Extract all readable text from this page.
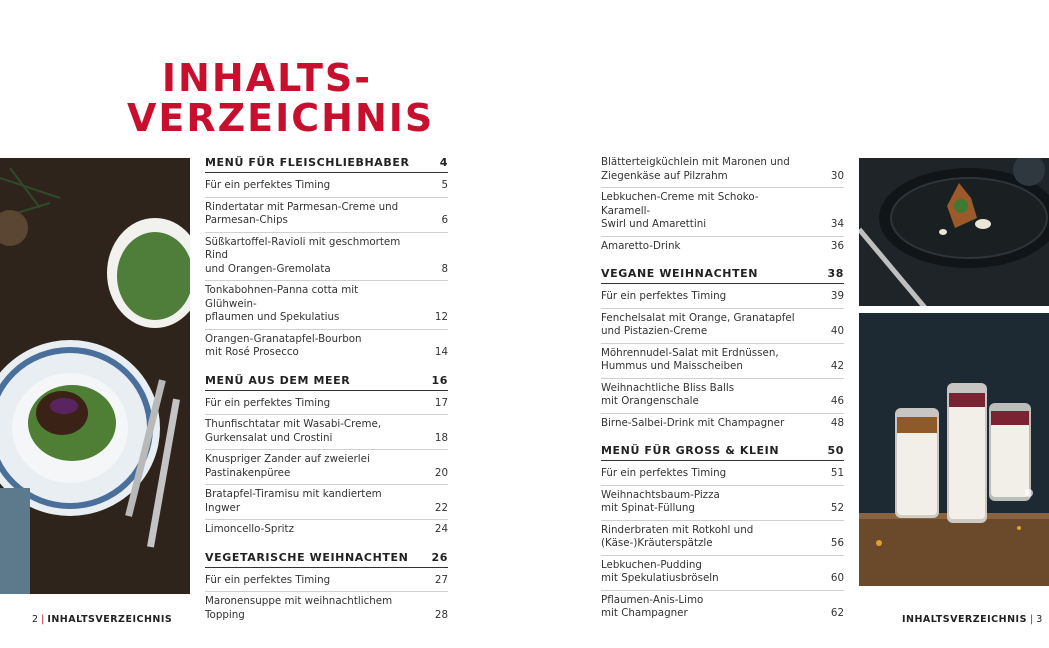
INHALTS-
VERZEICHNIS
MENÜ FÜR FLEISCHLIEBHABER	4
Für ein perfektes Timing	5
Rindertatar mit Parmesan-Creme und
Parmesan-Chips	6
Süßkartoffel-Ravioli mit geschmortem Rind
und Orangen-Gremolata	8
Tonkabohnen-Panna cotta mit Glühwein-
pflaumen und Spekulatius	12
Orangen-Granatapfel-Bourbon
mit Rosé Prosecco	14
MENÜ AUS DEM MEER	16
Für ein perfektes Timing	17
Thunfischtatar mit Wasabi-Creme,
Gurkensalat und Crostini	18
Knuspriger Zander auf zweierlei
Pastinakenpüree	20
Bratapfel-Tiramisu mit kandiertem Ingwer	22
Limoncello-Spritz	24
VEGETARISCHE WEIHNACHTEN 26
Für ein perfektes Timing	27
Maronensuppe mit weihnachtlichem
Topping	28
Blätterteigküchlein mit Maronen und
Ziegenkäse auf Pilzrahm	30
Lebkuchen-Creme mit Schoko-Karamell-
Swirl und Amarettini	34
Amaretto-Drink	36
VEGANE WEIHNACHTEN	38
Für ein perfektes Timing	39
Fenchelsalat mit Orange, Granatapfel
und Pistazien-Creme	40
Möhrennudel-Salat mit Erdnüssen,
Hummus und Maisscheiben	42
Weihnachtliche Bliss Balls
mit Orangenschale	46
Birne-Salbei-Drink mit Champagner	48
MENÜ FÜR GROSS & KLEIN	50
Für ein perfektes Timing	51
Weihnachtsbaum-Pizza
mit Spinat-Füllung	52
Rinderbraten mit Rotkohl und
(Käse-)Kräuterspätzle	56
Lebkuchen-Pudding
mit Spekulatiusbröseln	60
Pflaumen-Anis-Limo
mit Champagner	62
2 | INHALTSVERZEICHNIS	INHALTSVERZEICHNIS | 3
